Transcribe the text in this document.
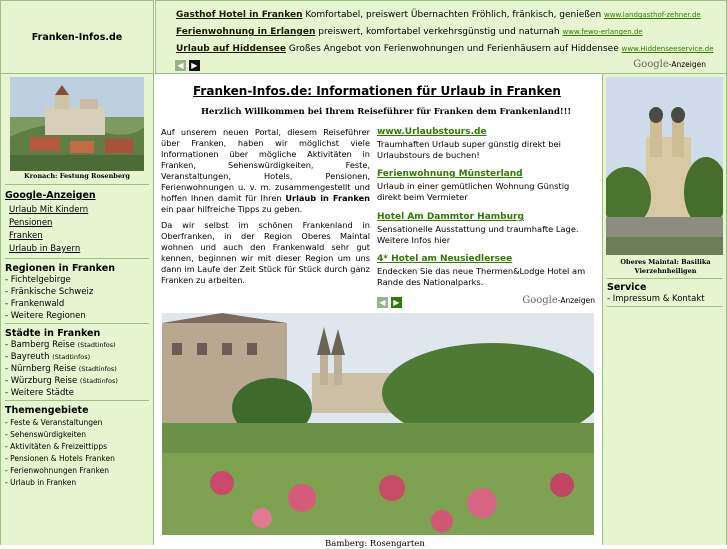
Franken-Infos.de
Gasthof Hotel in Franken Komfortabel, preiswert Übernachten Fröhlich, fränkisch, genießen www.landgasthof-zehner.de
Ferienwohnung in Erlangen preiswert, komfortabel verkehrsgünstig und naturnah www.fewo-erlangen.de
Urlaub auf Hiddensee Großes Angebot von Ferienwohnungen und Ferienhäusern auf Hiddensee www.Hiddenseeservice.de
◀ ▶	Google-Anzeigen
Kronach: Festung Rosenberg
Google-Anzeigen
Urlaub Mit Kindern
Pensionen
Franken
Urlaub in Bayern
Regionen in Franken
- Fichtelgebirge
- Fränkische Schweiz
- Frankenwald
- Weitere Regionen
Städte in Franken
- Bamberg Reise (Stadtinfos)
- Bayreuth (Stadtinfos)
- Nürnberg Reise (Stadtinfos)
- Würzburg Reise (Stadtinfos)
- Weitere Städte
Themengebiete
- Feste & Veranstaltungen
- Sehenswürdigkeiten
- Aktivitäten & Freizeittipps
- Pensionen & Hotels Franken
- Ferienwohnungen Franken
- Urlaub in Franken
Franken-Infos.de: Informationen für Urlaub in Franken
Herzlich Willkommen bei Ihrem Reiseführer für Franken dem Frankenland!!!

Auf unserem neuen Portal, diesem Reiseführer über Franken, haben wir möglichst viele Informationen über mögliche Aktivitäten in Franken, Sehenswürdigkeiten, Feste, Veranstaltungen, Hotels, Pensionen, Ferienwohnungen u. v. m. zusammengestellt und hoffen Ihnen damit für Ihren Urlaub in Franken ein paar hilfreiche Tipps zu geben.

Da wir selbst im schönen Frankenland in Oberfranken, in der Region Oberes Maintal wohnen und auch den Frankenwald sehr gut kennen, beginnen wir mit dieser Region um uns dann im Laufe der Zeit Stück für Stück durch ganz Franken zu arbeiten.

www.Urlaubstours.de
Traumhaften Urlaub super günstig direkt bei Urlaubstours de buchen!
Ferienwohnung Münsterland
Urlaub in einer gemütlichen Wohnung Günstig direkt beim Vermieter
Hotel Am Dammtor Hamburg
Sensationelle Ausstattung und traumhafte Lage. Weitere Infos hier
4* Hotel am Neusiedlersee
Endecken Sie das neue Thermen&Lodge Hotel am Rande des Nationalparks.
◀ ▶	Google-Anzeigen
Bamberg: Rosengarten
Oberes Maintal: Basilika
Vierzehnheiligen
Service
- Impressum & Kontakt
